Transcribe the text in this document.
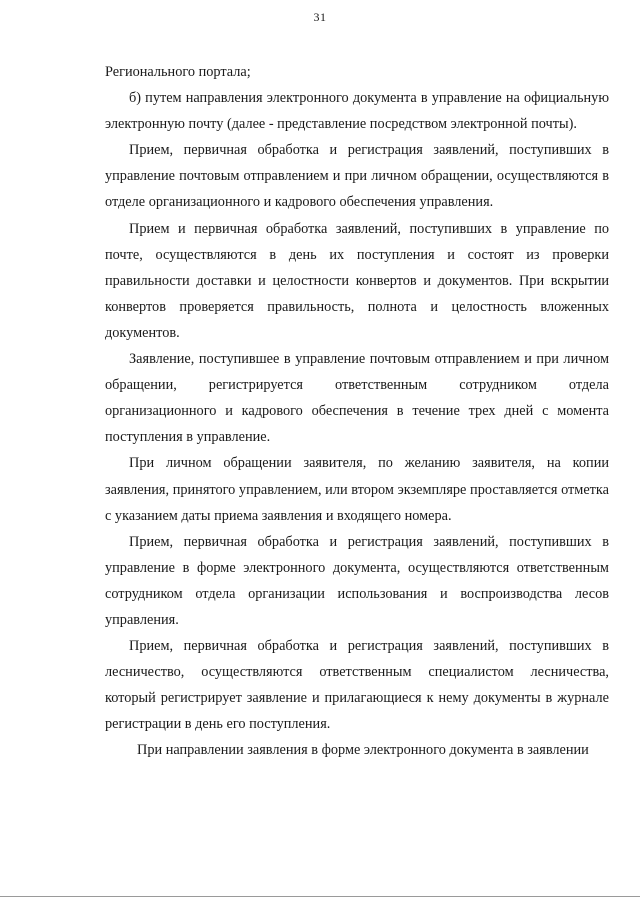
31

Регионального портала;

б) путем направления электронного документа в управление на официальную электронную почту (далее - представление посредством электронной почты).

Прием, первичная обработка и регистрация заявлений, поступивших в управление почтовым отправлением и при личном обращении, осуществляются в отделе организационного и кадрового обеспечения управления.

Прием и первичная обработка заявлений, поступивших в управление по почте, осуществляются в день их поступления и состоят из проверки правильности доставки и целостности конвертов и документов. При вскрытии конвертов проверяется правильность, полнота и целостность вложенных документов.

Заявление, поступившее в управление почтовым отправлением и при личном обращении, регистрируется ответственным сотрудником отдела организационного и кадрового обеспечения в течение трех дней с момента поступления в управление.

При личном обращении заявителя, по желанию заявителя, на копии заявления, принятого управлением, или втором экземпляре проставляется отметка с указанием даты приема заявления и входящего номера.

Прием, первичная обработка и регистрация заявлений, поступивших в управление в форме электронного документа, осуществляются ответственным сотрудником отдела организации использования и воспроизводства лесов управления.

Прием, первичная обработка и регистрация заявлений, поступивших в лесничество, осуществляются ответственным специалистом лесничества, который регистрирует заявление и прилагающиеся к нему документы в журнале регистрации в день его поступления.

При направлении заявления в форме электронного документа в заявлении
